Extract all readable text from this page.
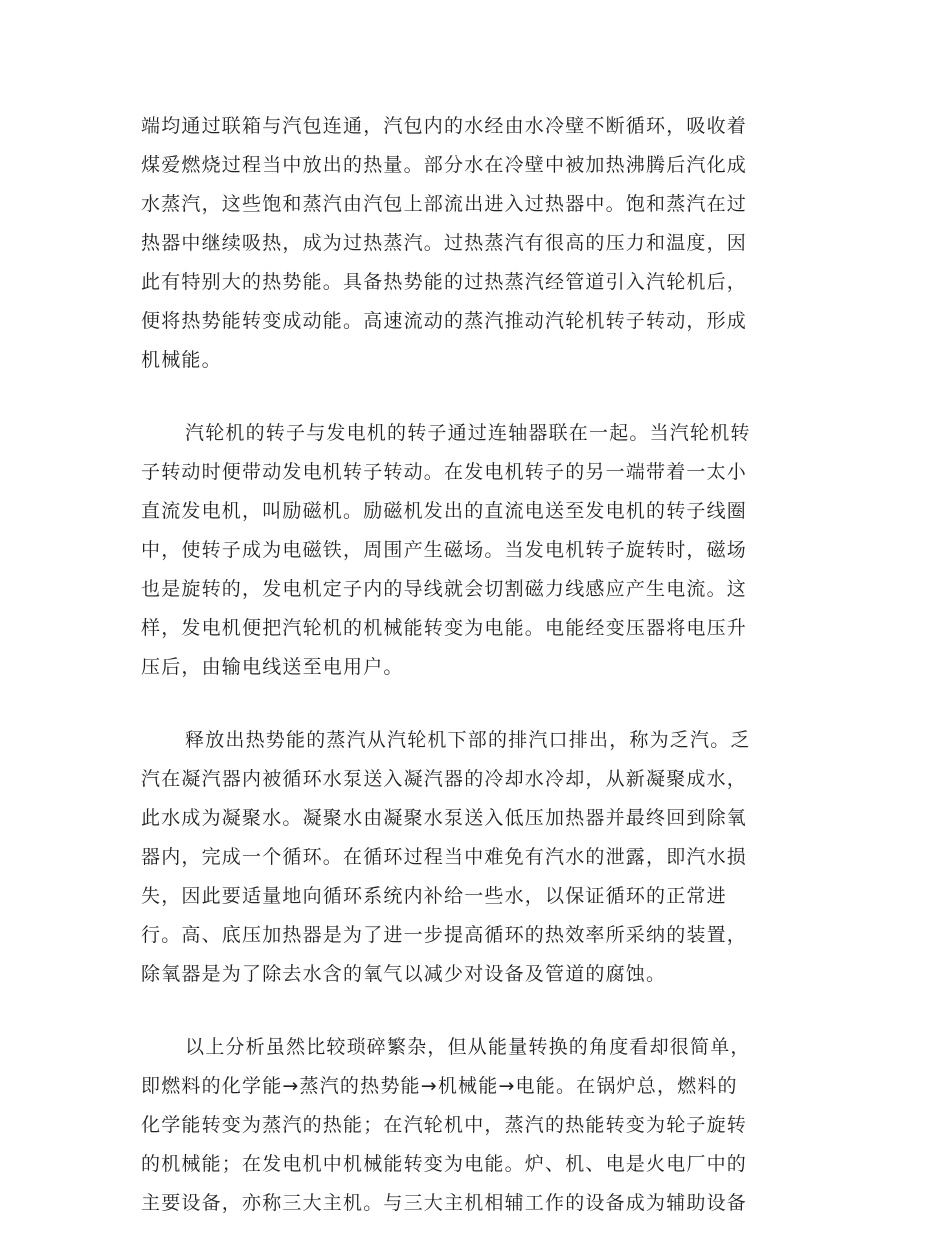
端均通过联箱与汽包连通，汽包内的水经由水冷壁不断循环，吸收着
煤爱燃烧过程当中放出的热量。部分水在冷壁中被加热沸腾后汽化成
水蒸汽，这些饱和蒸汽由汽包上部流出进入过热器中。饱和蒸汽在过
热器中继续吸热，成为过热蒸汽。过热蒸汽有很高的压力和温度，因
此有特别大的热势能。具备热势能的过热蒸汽经管道引入汽轮机后，
便将热势能转变成动能。高速流动的蒸汽推动汽轮机转子转动，形成
机械能。
汽轮机的转子与发电机的转子通过连轴器联在一起。当汽轮机转
子转动时便带动发电机转子转动。在发电机转子的另一端带着一太小
直流发电机，叫励磁机。励磁机发出的直流电送至发电机的转子线圈
中，使转子成为电磁铁，周围产生磁场。当发电机转子旋转时，磁场
也是旋转的，发电机定子内的导线就会切割磁力线感应产生电流。这
样，发电机便把汽轮机的机械能转变为电能。电能经变压器将电压升
压后，由输电线送至电用户。
释放出热势能的蒸汽从汽轮机下部的排汽口排出，称为乏汽。乏
汽在凝汽器内被循环水泵送入凝汽器的冷却水冷却，从新凝聚成水，
此水成为凝聚水。凝聚水由凝聚水泵送入低压加热器并最终回到除氧
器内，完成一个循环。在循环过程当中难免有汽水的泄露，即汽水损
失，因此要适量地向循环系统内补给一些水，以保证循环的正常进
行。高、底压加热器是为了进一步提高循环的热效率所采纳的装置，
除氧器是为了除去水含的氧气以减少对设备及管道的腐蚀。
以上分析虽然比较琐碎繁杂，但从能量转换的角度看却很简单，
即燃料的化学能→蒸汽的热势能→机械能→电能。在锅炉总，燃料的
化学能转变为蒸汽的热能；在汽轮机中，蒸汽的热能转变为轮子旋转
的机械能；在发电机中机械能转变为电能。炉、机、电是火电厂中的
主要设备，亦称三大主机。与三大主机相辅工作的设备成为辅助设备
